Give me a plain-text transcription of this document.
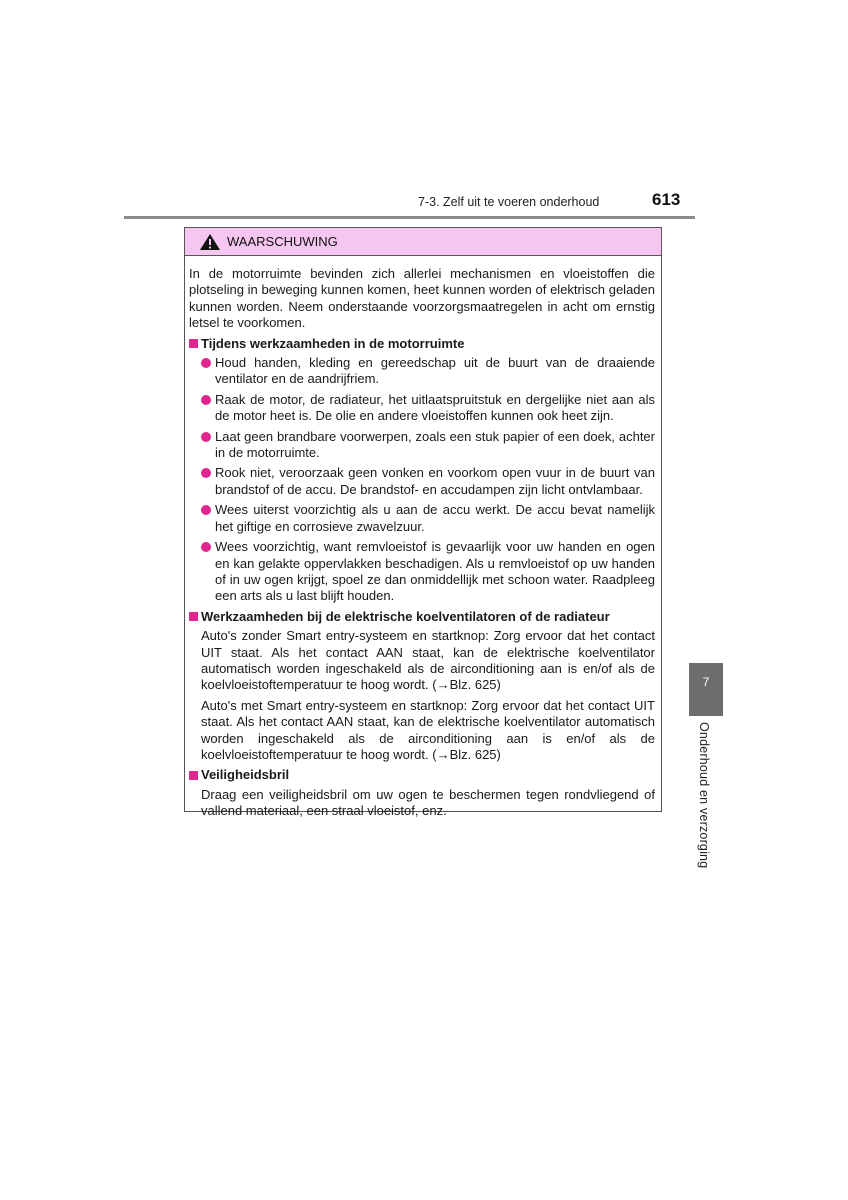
7-3. Zelf uit te voeren onderhoud	613
WAARSCHUWING

In de motorruimte bevinden zich allerlei mechanismen en vloeistoffen die plotseling in beweging kunnen komen, heet kunnen worden of elektrisch geladen kunnen worden. Neem onderstaande voorzorgsmaatregelen in acht om ernstig letsel te voorkomen.

Tijdens werkzaamheden in de motorruimte
Houd handen, kleding en gereedschap uit de buurt van de draaiende ventilator en de aandrijfriem.
Raak de motor, de radiateur, het uitlaatspruitstuk en dergelijke niet aan als de motor heet is. De olie en andere vloeistoffen kunnen ook heet zijn.
Laat geen brandbare voorwerpen, zoals een stuk papier of een doek, achter in de motorruimte.
Rook niet, veroorzaak geen vonken en voorkom open vuur in de buurt van brandstof of de accu. De brandstof- en accudampen zijn licht ontvlambaar.
Wees uiterst voorzichtig als u aan de accu werkt. De accu bevat namelijk het giftige en corrosieve zwavelzuur.
Wees voorzichtig, want remvloeistof is gevaarlijk voor uw handen en ogen en kan gelakte oppervlakken beschadigen. Als u remvloeistof op uw handen of in uw ogen krijgt, spoel ze dan onmiddellijk met schoon water. Raadpleeg een arts als u last blijft houden.
Werkzaamheden bij de elektrische koelventilatoren of de radiateur

Auto's zonder Smart entry-systeem en startknop: Zorg ervoor dat het contact UIT staat. Als het contact AAN staat, kan de elektrische koelventilator automatisch worden ingeschakeld als de airconditioning aan is en/of als de koelvloeistoftemperatuur te hoog wordt. (→Blz. 625)

Auto's met Smart entry-systeem en startknop: Zorg ervoor dat het contact UIT staat. Als het contact AAN staat, kan de elektrische koelventilator automatisch worden ingeschakeld als de airconditioning aan is en/of als de koelvloeistoftemperatuur te hoog wordt. (→Blz. 625)

Veiligheidsbril

Draag een veiligheidsbril om uw ogen te beschermen tegen rondvliegend of vallend materiaal, een straal vloeistof, enz.

7
Onderhoud en verzorging
